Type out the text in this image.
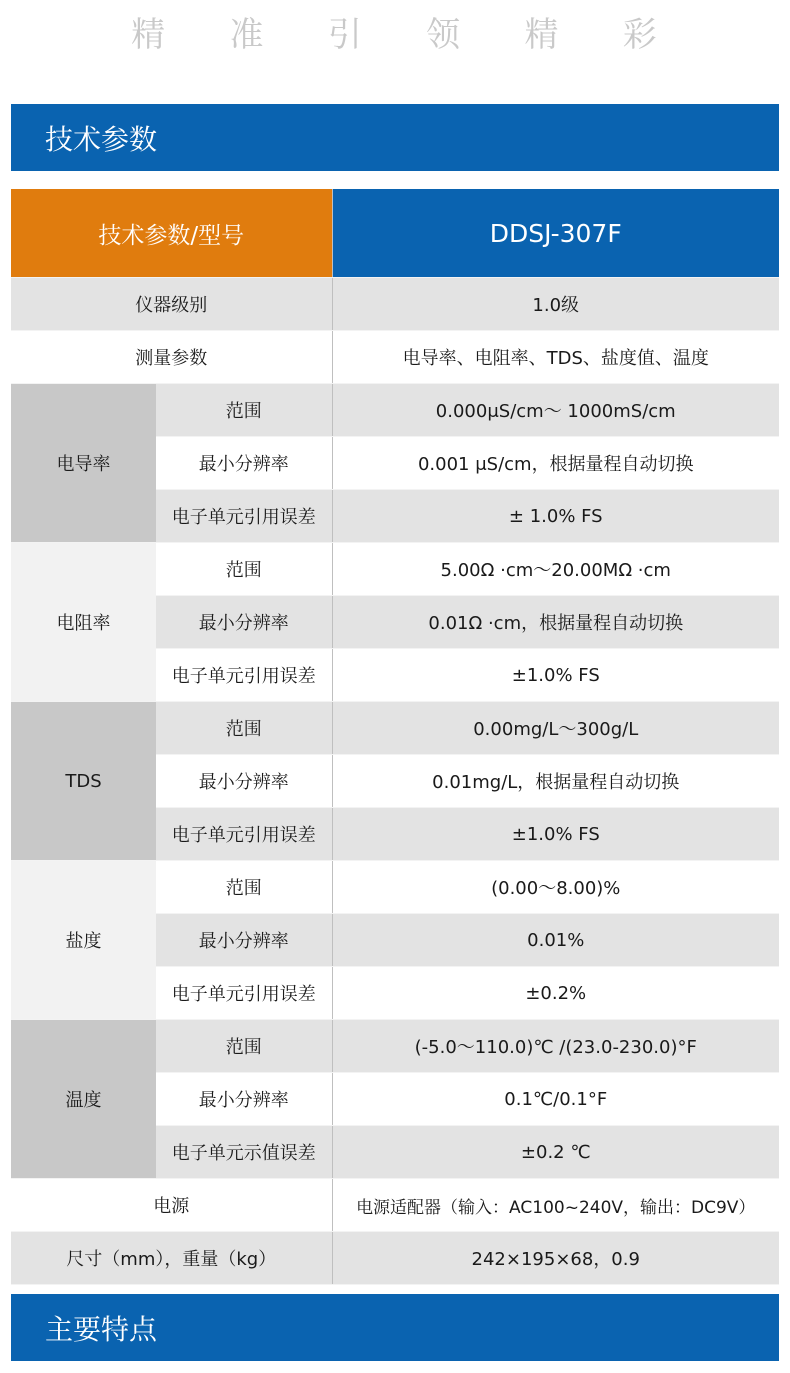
精 准 引 领 精 彩
技术参数
技术参数/型号		DDSJ-307F
仪器级别		1.0级
测量参数		电导率、电阻率、TDS、盐度值、温度
电导率	范围	0.000μS/cm～ 1000mS/cm
	最小分辨率	0.001 μS/cm，根据量程自动切换
	电子单元引用误差	± 1.0% FS
电阻率	范围	5.00Ω ·cm～20.00MΩ ·cm
	最小分辨率	0.01Ω ·cm，根据量程自动切换
	电子单元引用误差	±1.0% FS
TDS	范围	0.00mg/L～300g/L
	最小分辨率	0.01mg/L，根据量程自动切换
	电子单元引用误差	±1.0% FS
盐度	范围	(0.00～8.00)%
	最小分辨率	0.01%
	电子单元引用误差	±0.2%
温度	范围	(-5.0～110.0)℃ /(23.0-230.0)°F
	最小分辨率	0.1℃/0.1°F
	电子单元示值误差	±0.2 ℃
电源		电源适配器（输入：AC100~240V，输出：DC9V）
尺寸（mm），重量（kg）		242×195×68，0.9
主要特点
